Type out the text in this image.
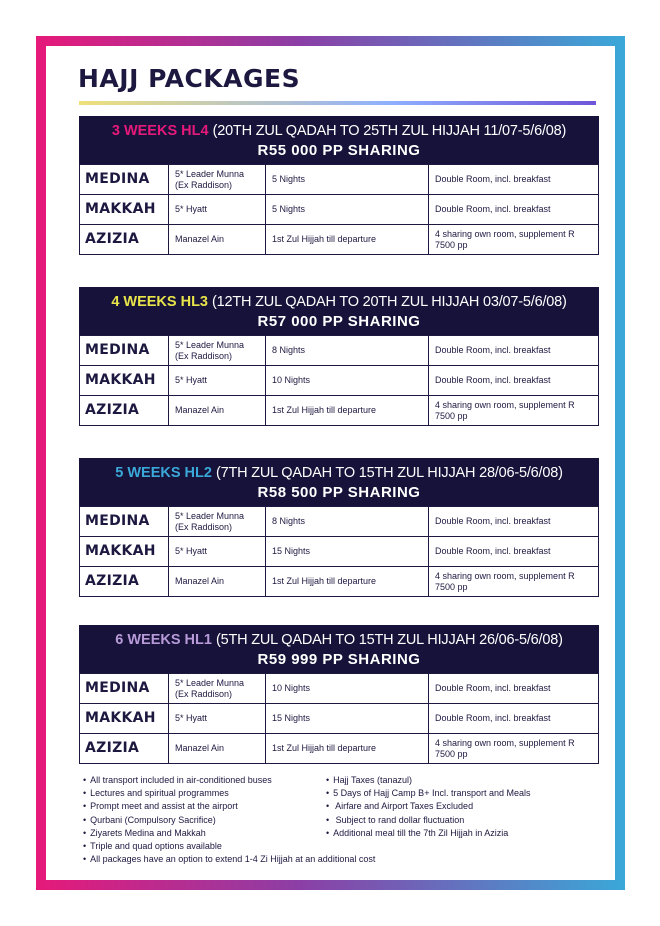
HAJJ PACKAGES
3 WEEKS HL4 (20TH ZUL QADAH TO 25TH ZUL HIJJAH 11/07-5/6/08)
R55 000 PP SHARING
MEDINA	5* Leader Munna (Ex Raddison)	5 Nights	Double Room, incl. breakfast
MAKKAH	5* Hyatt	5 Nights	Double Room, incl. breakfast
AZIZIA	Manazel Ain	1st Zul Hijjah till departure	4 sharing own room, supplement R 7500 pp
4 WEEKS HL3 (12TH ZUL QADAH TO 20TH ZUL HIJJAH 03/07-5/6/08)
R57 000 PP SHARING
MEDINA	5* Leader Munna (Ex Raddison)	8 Nights	Double Room, incl. breakfast
MAKKAH	5* Hyatt	10 Nights	Double Room, incl. breakfast
AZIZIA	Manazel Ain	1st Zul Hijjah till departure	4 sharing own room, supplement R 7500 pp
5 WEEKS HL2 (7TH ZUL QADAH TO 15TH ZUL HIJJAH 28/06-5/6/08)
R58 500 PP SHARING
MEDINA	5* Leader Munna (Ex Raddison)	8 Nights	Double Room, incl. breakfast
MAKKAH	5* Hyatt	15 Nights	Double Room, incl. breakfast
AZIZIA	Manazel Ain	1st Zul Hijjah till departure	4 sharing own room, supplement R 7500 pp
6 WEEKS HL1 (5TH ZUL QADAH TO 15TH ZUL HIJJAH 26/06-5/6/08)
R59 999 PP SHARING
MEDINA	5* Leader Munna (Ex Raddison)	10 Nights	Double Room, incl. breakfast
MAKKAH	5* Hyatt	15 Nights	Double Room, incl. breakfast
AZIZIA	Manazel Ain	1st Zul Hijjah till departure	4 sharing own room, supplement R 7500 pp
• All transport included in air-conditioned buses
• Lectures and spiritual programmes
• Prompt meet and assist at the airport
• Qurbani (Compulsory Sacrifice)
• Ziyarets Medina and Makkah
• Triple and quad options available
• All packages have an option to extend 1-4 Zi Hijjah at an additional cost
• Hajj Taxes (tanazul)
• 5 Days of Hajj Camp B+ Incl. transport and Meals
• Airfare and Airport Taxes Excluded
• Subject to rand dollar fluctuation
• Additional meal till the 7th Zil Hijjah in Azizia
